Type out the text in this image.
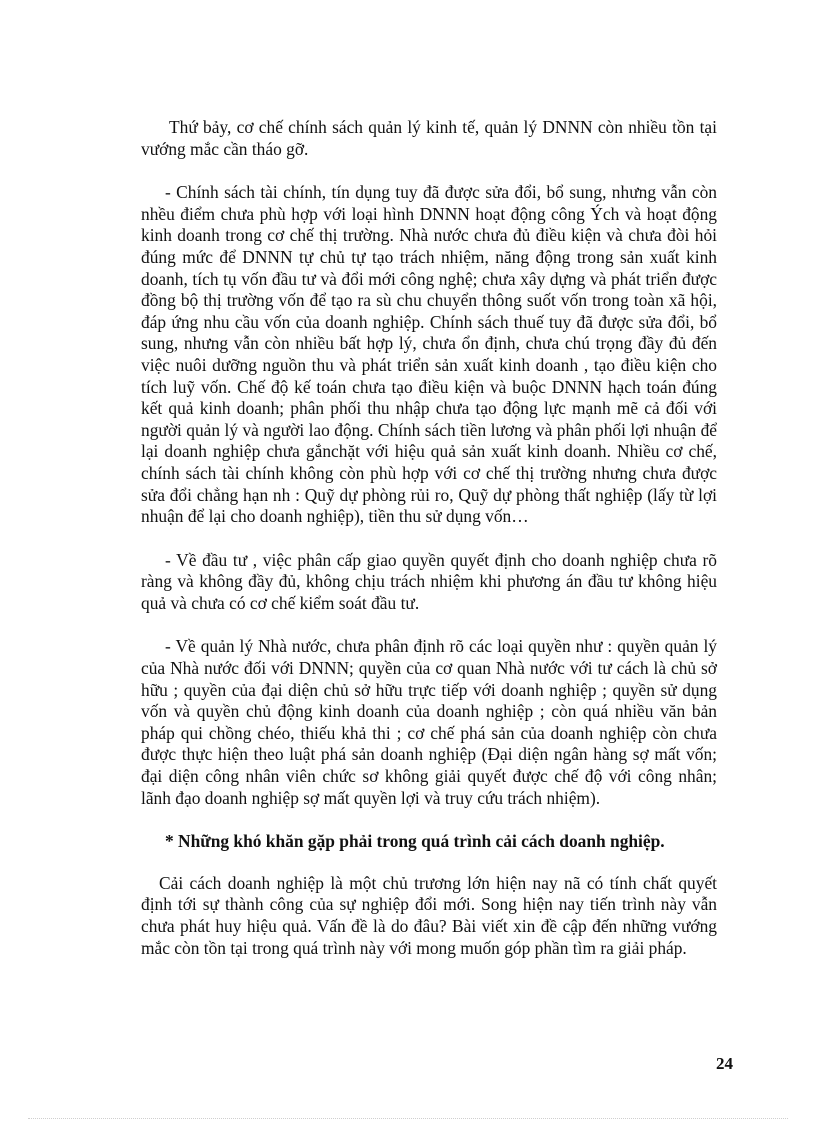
Thứ bảy, cơ chế chính sách quản lý kinh tế, quản lý DNNN còn nhiều tồn tại vướng mắc cần tháo gỡ.

- Chính sách tài chính, tín dụng tuy đã được sửa đổi, bổ sung, nhưng vẫn còn nhều điểm chưa phù hợp với loại hình DNNN hoạt động công Ých và hoạt động kinh doanh trong cơ chế thị trường. Nhà nước chưa đủ điều kiện và chưa đòi hỏi đúng mức để DNNN tự chủ tự tạo trách nhiệm, năng động trong sản xuất kinh doanh, tích tụ vốn đầu tư và đổi mới công nghệ; chưa xây dựng và phát triển được đồng bộ thị trường vốn để tạo ra sù chu chuyển thông suốt vốn trong toàn xã hội, đáp ứng nhu cầu vốn của doanh nghiệp. Chính sách thuế tuy đã được sửa đổi, bổ sung, nhưng vẫn còn nhiều bất hợp lý, chưa ổn định, chưa chú trọng đầy đủ đến việc nuôi dưỡng nguồn thu và phát triển sản xuất kinh doanh , tạo điều kiện cho tích luỹ vốn. Chế độ kế toán chưa tạo điều kiện và buộc DNNN hạch toán đúng kết quả kinh doanh; phân phối thu nhập chưa tạo động lực mạnh mẽ cả đối với người quản lý và người lao động. Chính sách tiền lương và phân phối lợi nhuận để lại doanh nghiệp chưa gắnchặt với hiệu quả sản xuất kinh doanh. Nhiều cơ chế, chính sách tài chính không còn phù hợp với cơ chế thị trường nhưng chưa được sửa đổi chẳng hạn nh : Quỹ dự phòng rủi ro, Quỹ dự phòng thất nghiệp (lấy từ lợi nhuận để lại cho doanh nghiệp), tiền thu sử dụng vốn…

- Về đầu tư , việc phân cấp giao quyền quyết định cho doanh nghiệp chưa rõ ràng và không đầy đủ, không chịu trách nhiệm khi phương án đầu tư không hiệu quả và chưa có cơ chế kiểm soát đầu tư.

- Về quản lý Nhà nước, chưa phân định rõ các loại quyền như : quyền quản lý của Nhà nước đối với DNNN; quyền của cơ quan Nhà nước với tư cách là chủ sở hữu ; quyền của đại diện chủ sở hữu trực tiếp với doanh nghiệp ; quyền sử dụng vốn và quyền chủ động kinh doanh của doanh nghiệp ; còn quá nhiều văn bản pháp qui chồng chéo, thiếu khả thi ; cơ chế phá sản của doanh nghiệp còn chưa được thực hiện theo luật phá sản doanh nghiệp (Đại diện ngân hàng sợ mất vốn; đại diện công nhân viên chức sơ không giải quyết được chế độ với công nhân; lãnh đạo doanh nghiệp sợ mất quyền lợi và truy cứu trách nhiệm).

* Những khó khăn gặp phải trong quá trình cải cách doanh nghiệp.

Cải cách doanh nghiệp là một chủ trương lớn hiện nay nã có tính chất quyết định tới sự thành công của sự nghiệp đổi mới. Song hiện nay tiến trình này vẫn chưa phát huy hiệu quả. Vấn đề là do đâu? Bài viết xin đề cập đến những vướng mắc còn tồn tại trong quá trình này với mong muốn góp phần tìm ra giải pháp.

24
